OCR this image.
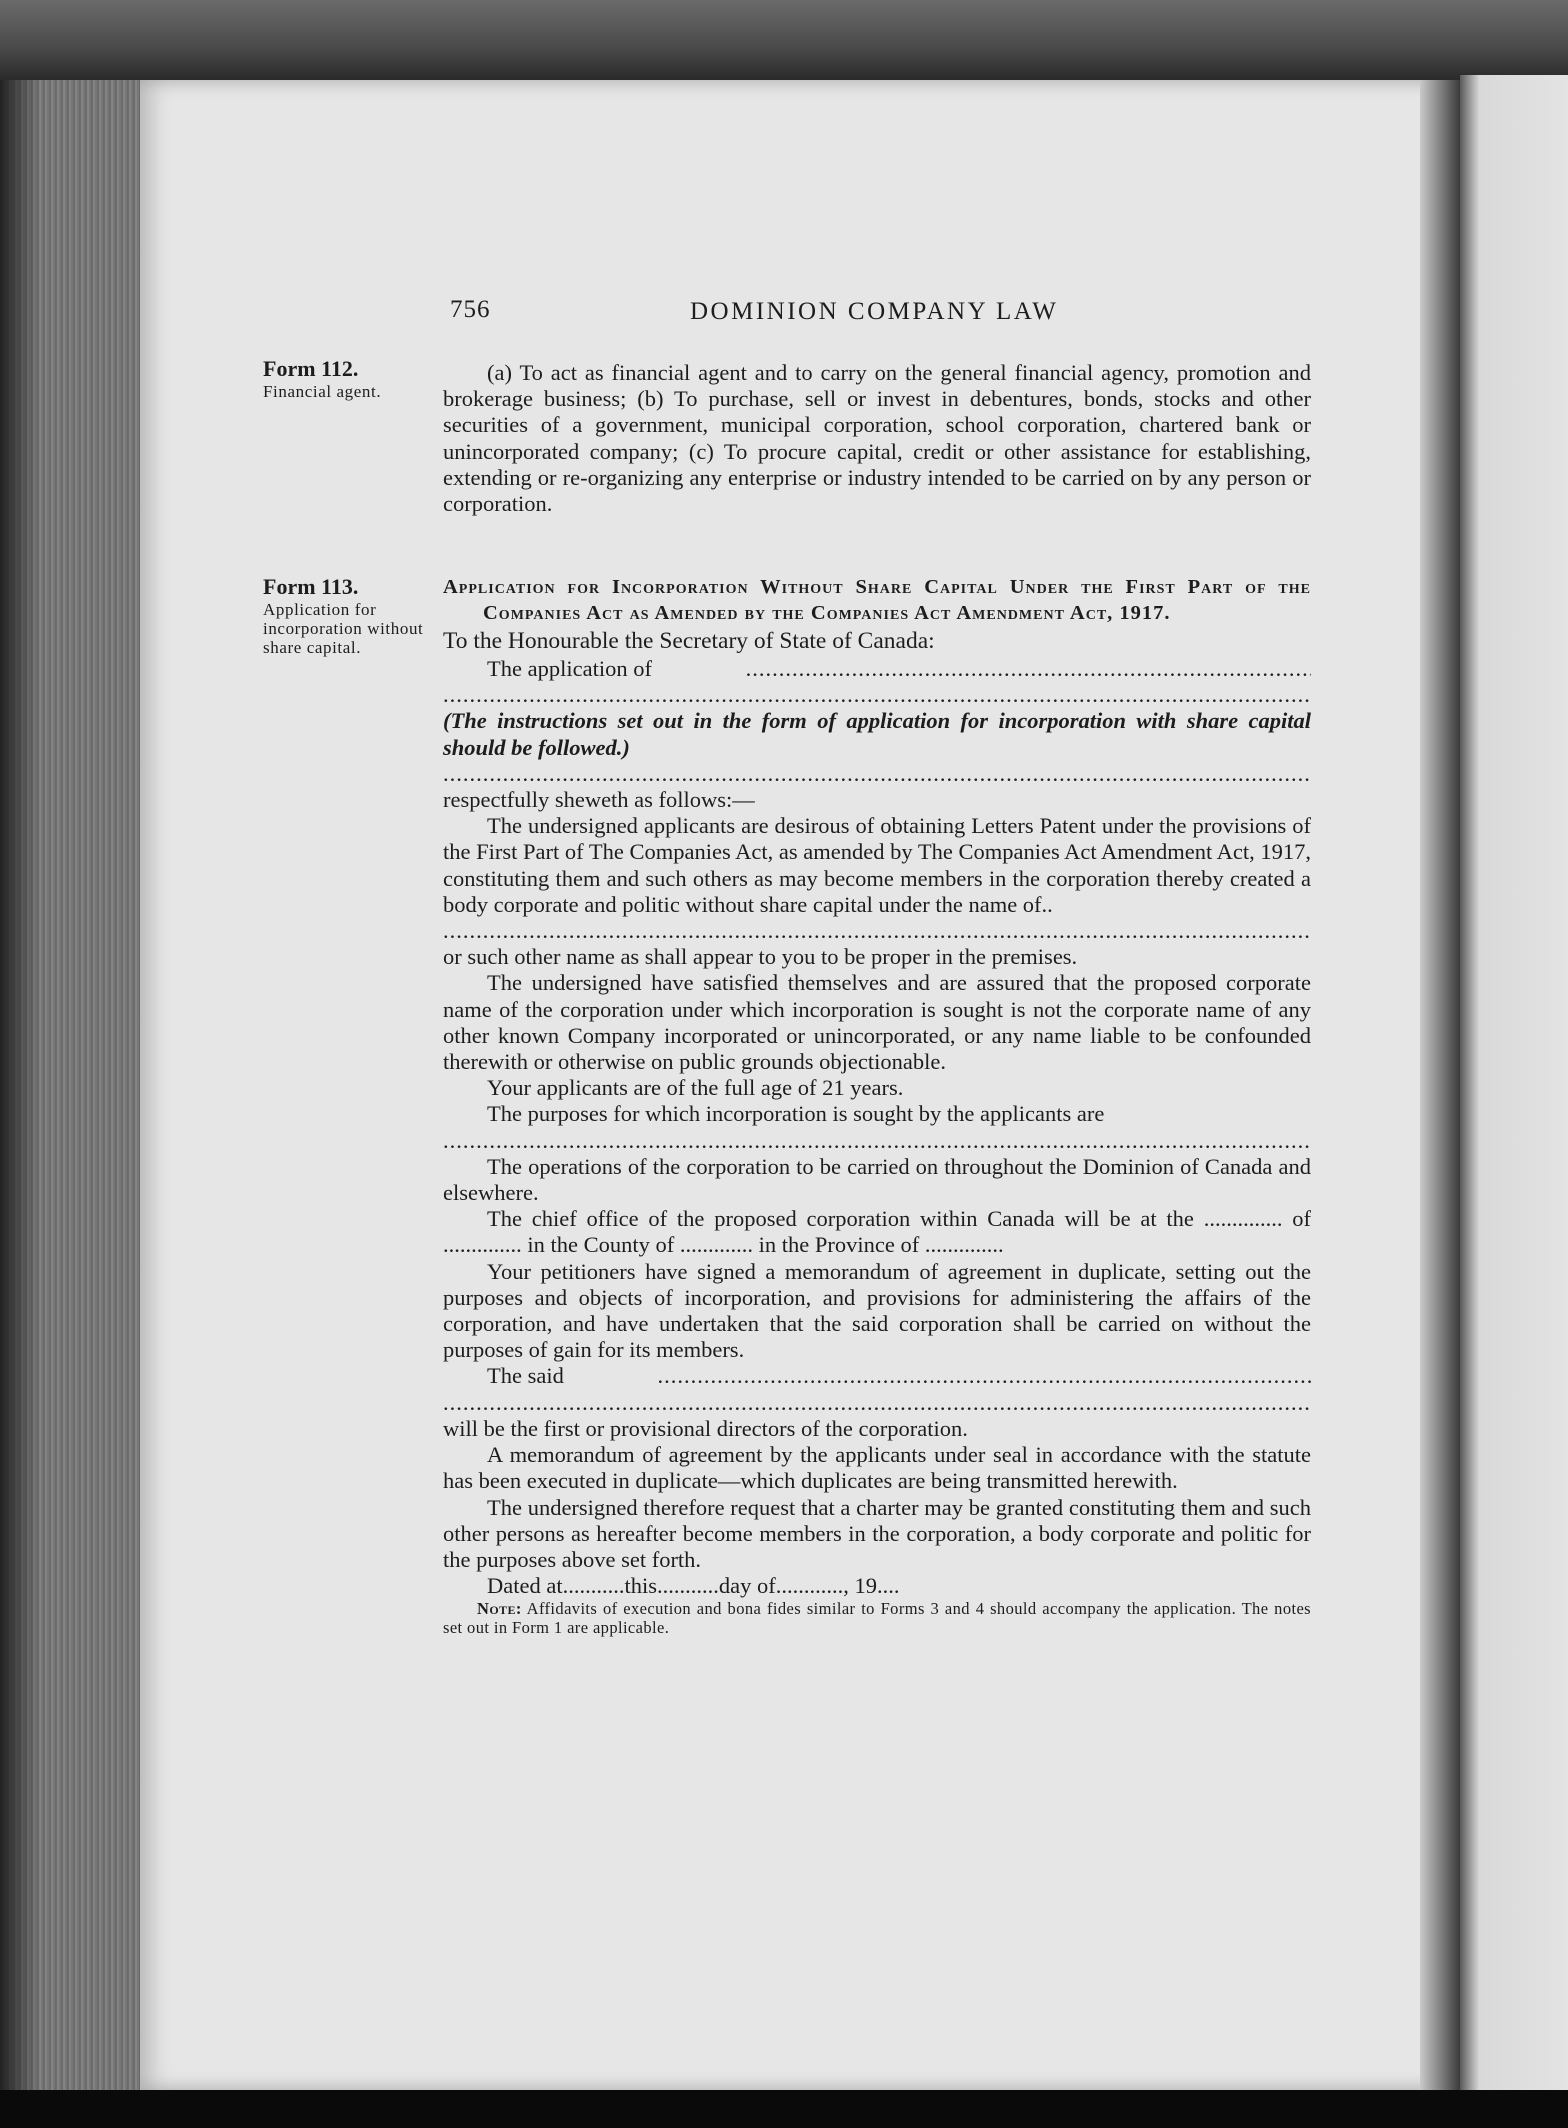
756	DOMINION COMPANY LAW
Form 112.
Financial agent.

(a) To act as financial agent and to carry on the general financial agency, promotion and brokerage business; (b) To purchase, sell or invest in debentures, bonds, stocks and other securities of a government, municipal corporation, school corporation, chartered bank or unincorporated company; (c) To procure capital, credit or other assistance for establishing, extending or re-organizing any enterprise or industry intended to be carried on by any person or corporation.

Form 113.
Application for incorporation without share capital.

Application for Incorporation Without Share Capital Under the First Part of the Companies Act as Amended by the Companies Act Amendment Act, 1917.

To the Honourable the Secretary of State of Canada:

The application of

.....
.....

(The instructions set out in the form of application for incorporation with share capital should be followed.)

.....

respectfully sheweth as follows:—

The undersigned applicants are desirous of obtaining Letters Patent under the provisions of the First Part of The Companies Act, as amended by The Companies Act Amendment Act, 1917, constituting them and such others as may become members in the corporation thereby created a body corporate and politic without share capital under the name of..

.....

or such other name as shall appear to you to be proper in the premises.

The undersigned have satisfied themselves and are assured that the proposed corporate name of the corporation under which incorporation is sought is not the corporate name of any other known Company incorporated or unincorporated, or any name liable to be confounded therewith or otherwise on public grounds objectionable.

Your applicants are of the full age of 21 years.

The purposes for which incorporation is sought by the applicants are

.....

The operations of the corporation to be carried on throughout the Dominion of Canada and elsewhere.

The chief office of the proposed corporation within Canada will be at the .............. of .............. in the County of ............. in the Province of ..............

Your petitioners have signed a memorandum of agreement in duplicate, setting out the purposes and objects of incorporation, and provisions for administering the affairs of the corporation, and have undertaken that the said corporation shall be carried on without the purposes of gain for its members.

The said

.....
.....

will be the first or provisional directors of the corporation.

A memorandum of agreement by the applicants under seal in accordance with the statute has been executed in duplicate—which duplicates are being transmitted herewith.

The undersigned therefore request that a charter may be granted constituting them and such other persons as hereafter become members in the corporation, a body corporate and politic for the purposes above set forth.

Dated at...........this...........day of............, 19....

Note: Affidavits of execution and bona fides similar to Forms 3 and 4 should accompany the application. The notes set out in Form 1 are applicable.
